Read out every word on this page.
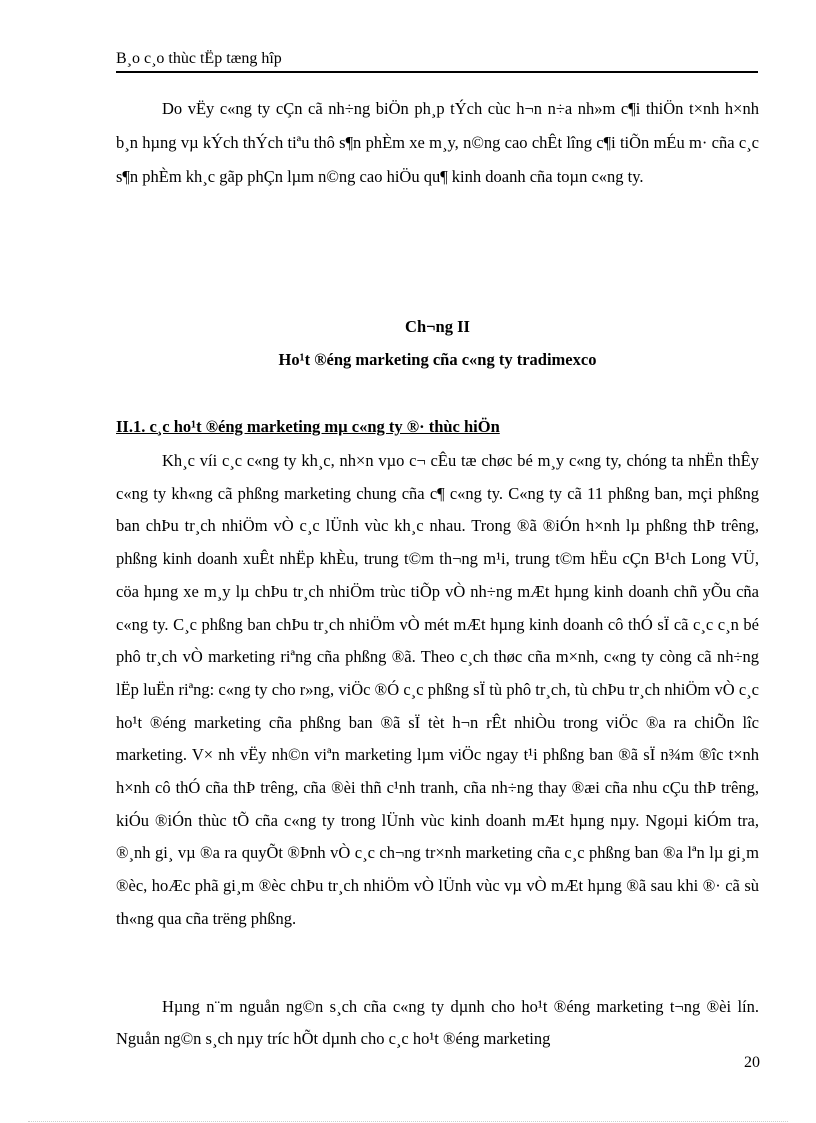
B¸o c¸o thùc tËp tæng hîp
Do vËy c«ng ty cÇn cã nh÷ng biÖn ph¸p tÝch cùc h¬n n÷a nh»m c¶i thiÖn t×nh h×nh b¸n hµng vµ kÝch thÝch tiªu thô s¶n phÈm xe m¸y, n©ng cao chÊt lîng c¶i tiÕn mÉu m· cña c¸c s¶n phÈm kh¸c gãp phÇn lµm n©ng cao hiÖu qu¶ kinh doanh cña toµn c«ng ty.
Ch¬ng II
Ho¹t ®éng marketing cña c«ng ty tradimexco
II.1. c¸c ho¹t ®éng marketing mµ c«ng ty ®· thùc hiÖn
Kh¸c víi c¸c c«ng ty kh¸c, nh×n vµo c¬ cÊu tæ chøc bé m¸y c«ng ty, chóng ta nhËn thÊy c«ng ty kh«ng cã phßng marketing chung cña c¶ c«ng ty. C«ng ty cã 11 phßng ban, mçi phßng ban chÞu tr¸ch nhiÖm vÒ c¸c lÜnh vùc kh¸c nhau. Trong ®ã ®iÓn h×nh lµ phßng thÞ trêng, phßng kinh doanh xuÊt nhËp khÈu, trung t©m th¬ng m¹i, trung t©m hËu cÇn B¹ch Long VÜ, cöa hµng xe m¸y lµ chÞu tr¸ch nhiÖm trùc tiÕp vÒ nh÷ng mÆt hµng kinh doanh chñ yÕu cña c«ng ty. C¸c phßng ban chÞu tr¸ch nhiÖm vÒ mét mÆt hµng kinh doanh cô thÓ sÏ cã c¸c c¸n bé phô tr¸ch vÒ marketing riªng cña phßng ®ã. Theo c¸ch thøc cña m×nh, c«ng ty còng cã nh÷ng lËp luËn riªng: c«ng ty cho r»ng, viÖc ®Ó c¸c phßng sÏ tù phô tr¸ch, tù chÞu tr¸ch nhiÖm vÒ c¸c ho¹t ®éng marketing cña phßng ban ®ã sÏ tèt h¬n rÊt nhiÒu trong viÖc ®a ra chiÕn lîc marketing. V× nh vËy nh©n viªn marketing lµm viÖc ngay t¹i phßng ban ®ã sÏ n¾m ®îc t×nh h×nh cô thÓ cña thÞ trêng, cña ®èi thñ c¹nh tranh, cña nh÷ng thay ®æi cña nhu cÇu thÞ trêng, kiÓu ®iÓn thùc tÕ cña c«ng ty trong lÜnh vùc kinh doanh mÆt hµng nµy. Ngoµi kiÓm tra, ®¸nh gi¸ vµ ®a ra quyÕt ®Þnh vÒ c¸c ch¬ng tr×nh marketing cña c¸c phßng ban ®a lªn lµ gi¸m ®èc, hoÆc phã gi¸m ®èc chÞu tr¸ch nhiÖm vÒ lÜnh vùc vµ vÒ mÆt hµng ®ã sau khi ®· cã sù th«ng qua cña trëng phßng.
Hµng n¨m nguån ng©n s¸ch cña c«ng ty dµnh cho ho¹t ®éng marketing t¬ng ®èi lín. Nguån ng©n s¸ch nµy tríc hÕt dµnh cho c¸c ho¹t ®éng marketing
20
